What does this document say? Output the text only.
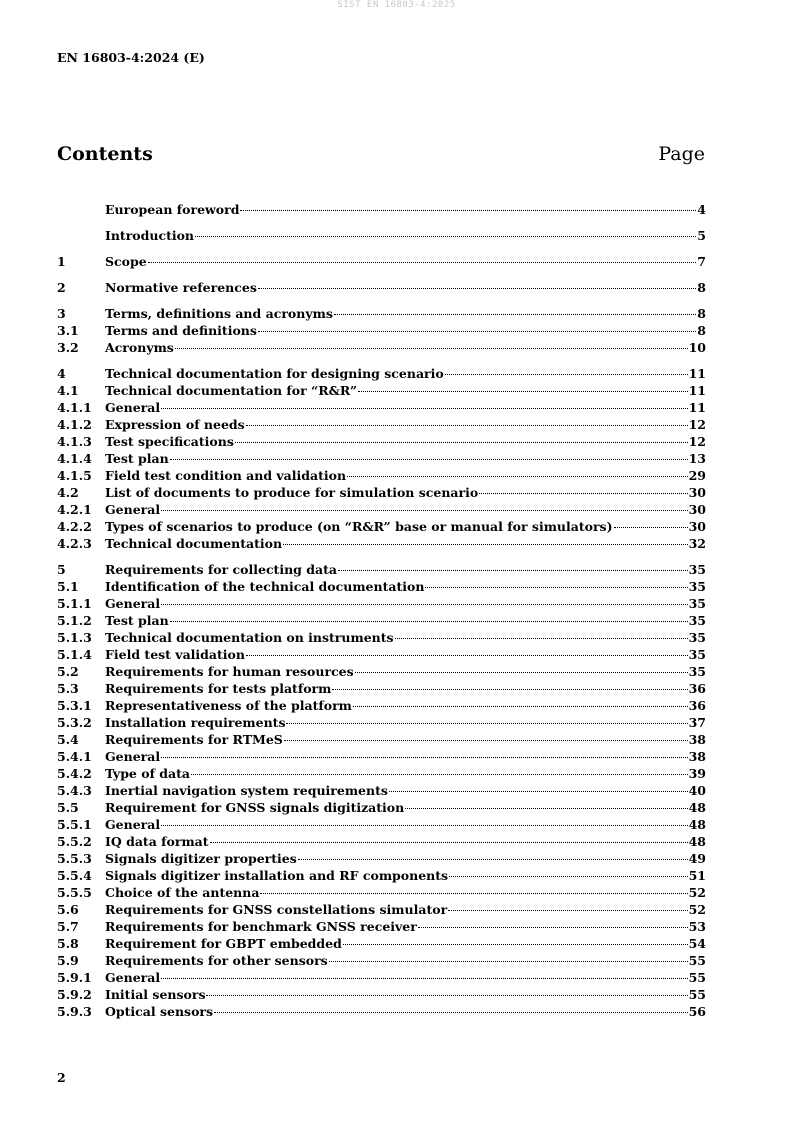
SIST EN 16803-4:2025
EN 16803-4:2024 (E)
Contents	Page
European foreword	4
Introduction	5
1	Scope	7
2	Normative references	8
3	Terms, definitions and acronyms	8
3.1	Terms and definitions	8
3.2	Acronyms	10
4	Technical documentation for designing scenario	11
4.1	Technical documentation for “R&R”	11
4.1.1	General	11
4.1.2	Expression of needs	12
4.1.3	Test specifications	12
4.1.4	Test plan	13
4.1.5	Field test condition and validation	29
4.2	List of documents to produce for simulation scenario	30
4.2.1	General	30
4.2.2	Types of scenarios to produce (on “R&R” base or manual for simulators)	30
4.2.3	Technical documentation	32
5	Requirements for collecting data	35
5.1	Identification of the technical documentation	35
5.1.1	General	35
5.1.2	Test plan	35
5.1.3	Technical documentation on instruments	35
5.1.4	Field test validation	35
5.2	Requirements for human resources	35
5.3	Requirements for tests platform	36
5.3.1	Representativeness of the platform	36
5.3.2	Installation requirements	37
5.4	Requirements for RTMeS	38
5.4.1	General	38
5.4.2	Type of data	39
5.4.3	Inertial navigation system requirements	40
5.5	Requirement for GNSS signals digitization	48
5.5.1	General	48
5.5.2	IQ data format	48
5.5.3	Signals digitizer properties	49
5.5.4	Signals digitizer installation and RF components	51
5.5.5	Choice of the antenna	52
5.6	Requirements for GNSS constellations simulator	52
5.7	Requirements for benchmark GNSS receiver	53
5.8	Requirement for GBPT embedded	54
5.9	Requirements for other sensors	55
5.9.1	General	55
5.9.2	Initial sensors	55
5.9.3	Optical sensors	56
2
